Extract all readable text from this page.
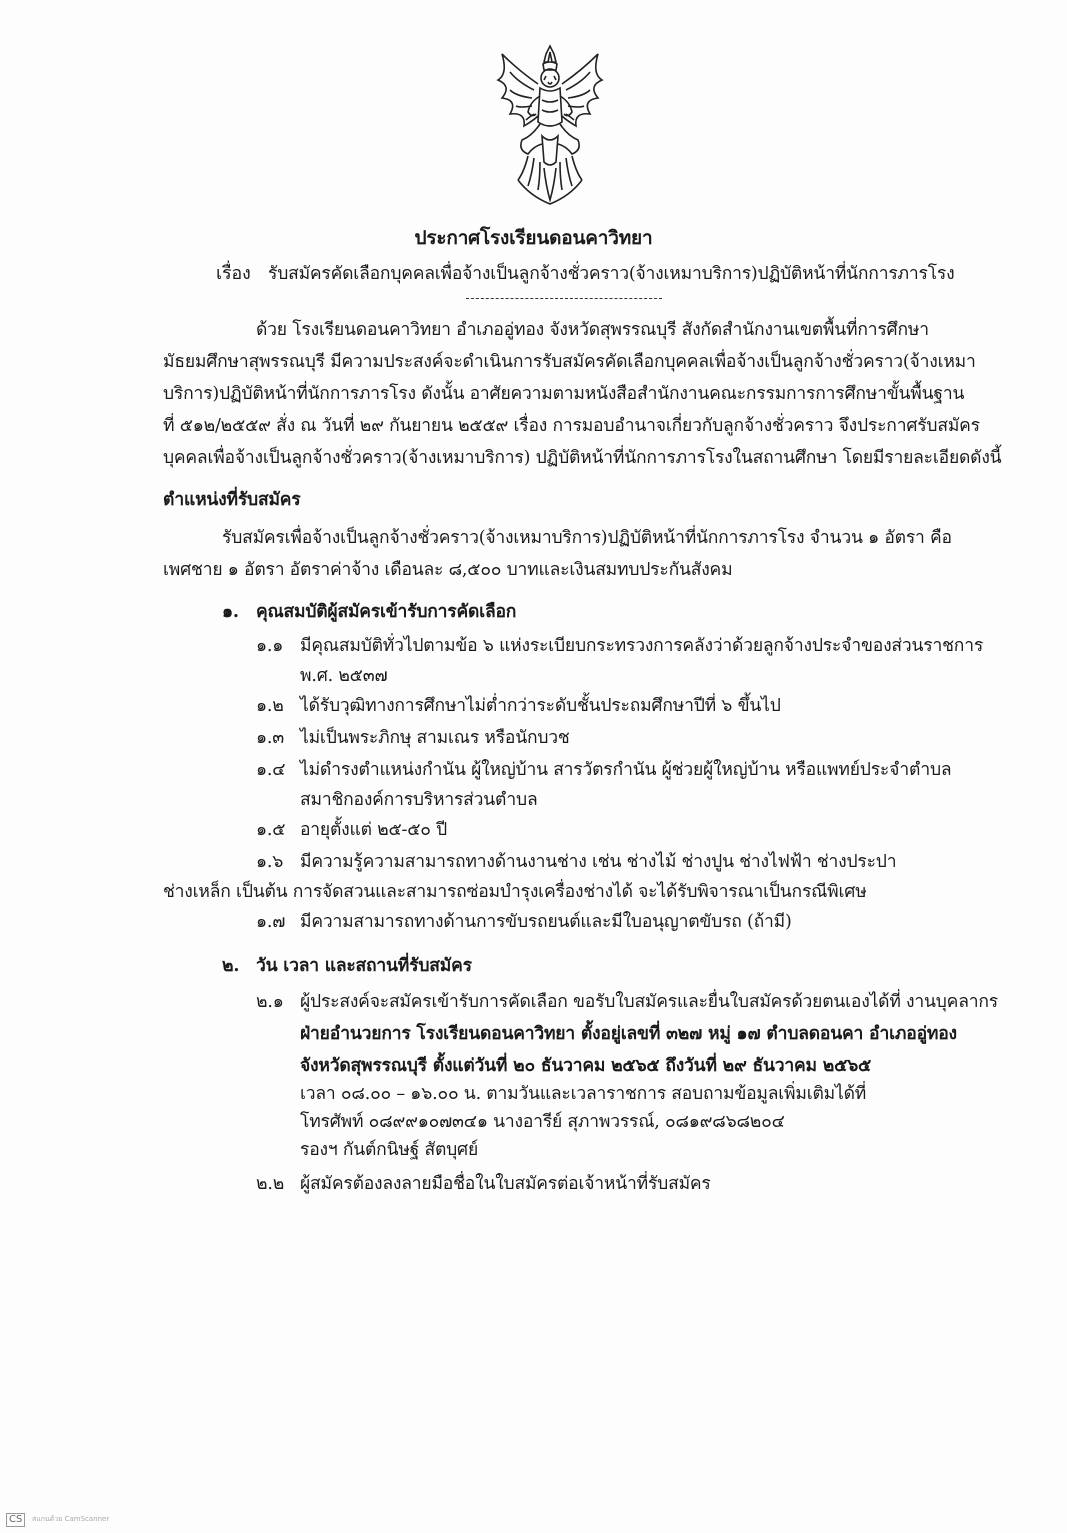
ประกาศโรงเรียนดอนคาวิทยา
เรื่อง รับสมัครคัดเลือกบุคคลเพื่อจ้างเป็นลูกจ้างชั่วคราว(จ้างเหมาบริการ)ปฏิบัติหน้าที่นักการภารโรง
ด้วย โรงเรียนดอนคาวิทยา อำเภออู่ทอง จังหวัดสุพรรณบุรี สังกัดสำนักงานเขตพื้นที่การศึกษา
มัธยมศึกษาสุพรรณบุรี มีความประสงค์จะดำเนินการรับสมัครคัดเลือกบุคคลเพื่อจ้างเป็นลูกจ้างชั่วคราว(จ้างเหมา
บริการ)ปฏิบัติหน้าที่นักการภารโรง ดังนั้น อาศัยความตามหนังสือสำนักงานคณะกรรมการการศึกษาขั้นพื้นฐาน
ที่ ๕๑๒/๒๕๕๙ สั่ง ณ วันที่ ๒๙ กันยายน ๒๕๕๙ เรื่อง การมอบอำนาจเกี่ยวกับลูกจ้างชั่วคราว จึงประกาศรับสมัคร
บุคคลเพื่อจ้างเป็นลูกจ้างชั่วคราว(จ้างเหมาบริการ) ปฏิบัติหน้าที่นักการภารโรงในสถานศึกษา โดยมีรายละเอียดดังนี้
ตำแหน่งที่รับสมัคร
รับสมัครเพื่อจ้างเป็นลูกจ้างชั่วคราว(จ้างเหมาบริการ)ปฏิบัติหน้าที่นักการภารโรง จำนวน ๑ อัตรา คือ
เพศชาย ๑ อัตรา อัตราค่าจ้าง เดือนละ ๘,๕๐๐ บาทและเงินสมทบประกันสังคม
๑. คุณสมบัติผู้สมัครเข้ารับการคัดเลือก
๑.๑ มีคุณสมบัติทั่วไปตามข้อ ๖ แห่งระเบียบกระทรวงการคลังว่าด้วยลูกจ้างประจำของส่วนราชการ
พ.ศ. ๒๕๓๗
๑.๒ ได้รับวุฒิทางการศึกษาไม่ต่ำกว่าระดับชั้นประถมศึกษาปีที่ ๖ ขึ้นไป
๑.๓ ไม่เป็นพระภิกษุ สามเณร หรือนักบวช
๑.๔ ไม่ดำรงตำแหน่งกำนัน ผู้ใหญ่บ้าน สารวัตรกำนัน ผู้ช่วยผู้ใหญ่บ้าน หรือแพทย์ประจำตำบล
สมาชิกองค์การบริหารส่วนตำบล
๑.๕ อายุตั้งแต่ ๒๕-๕๐ ปี
๑.๖ มีความรู้ความสามารถทางด้านงานช่าง เช่น ช่างไม้ ช่างปูน ช่างไฟฟ้า ช่างประปา
ช่างเหล็ก เป็นต้น การจัดสวนและสามารถซ่อมบำรุงเครื่องช่างได้ จะได้รับพิจารณาเป็นกรณีพิเศษ
๑.๗ มีความสามารถทางด้านการขับรถยนต์และมีใบอนุญาตขับรถ (ถ้ามี)
๒. วัน เวลา และสถานที่รับสมัคร
๒.๑ ผู้ประสงค์จะสมัครเข้ารับการคัดเลือก ขอรับใบสมัครและยื่นใบสมัครด้วยตนเองได้ที่ งานบุคลากร
ฝ่ายอำนวยการ โรงเรียนดอนคาวิทยา ตั้งอยู่เลขที่ ๓๒๗ หมู่ ๑๗ ตำบลดอนคา อำเภออู่ทอง
จังหวัดสุพรรณบุรี ตั้งแต่วันที่ ๒๐ ธันวาคม ๒๕๖๕ ถึงวันที่ ๒๙ ธันวาคม ๒๕๖๕
เวลา ๐๘.๐๐ – ๑๖.๐๐ น. ตามวันและเวลาราชการ สอบถามข้อมูลเพิ่มเติมได้ที่
โทรศัพท์ ๐๘๙๙๑๐๗๓๔๑ นางอารีย์ สุภาพวรรณ์, ๐๘๑๙๘๖๘๒๐๔
รองฯ กันต์กนิษฐ์ สัตบุศย์
๒.๒ ผู้สมัครต้องลงลายมือชื่อในใบสมัครต่อเจ้าหน้าที่รับสมัคร
CS	สแกนด้วย CamScanner
